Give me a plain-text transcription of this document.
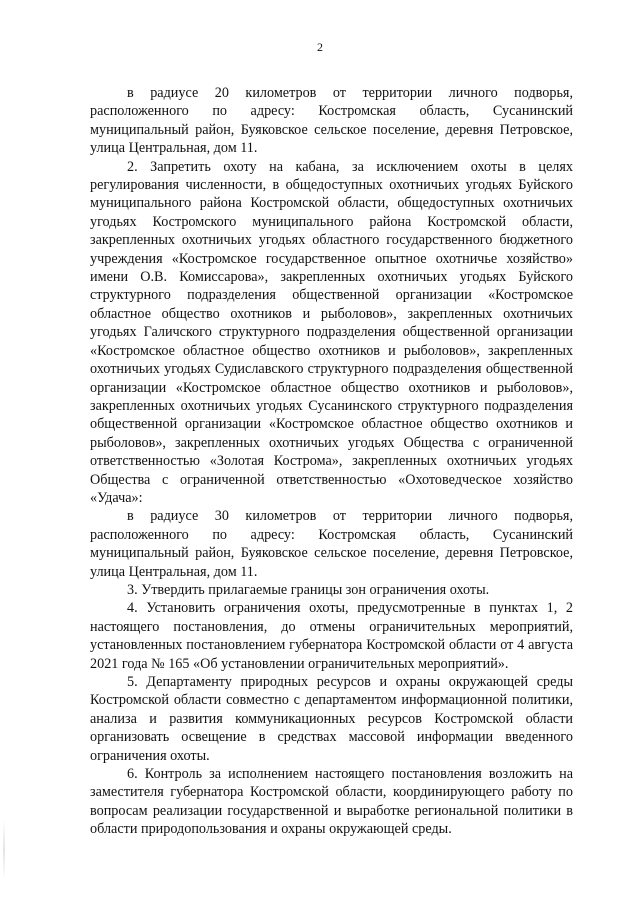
2

в радиусе 20 километров от территории личного подворья, расположенного по адресу: Костромская область, Сусанинский муниципальный район, Буяковское сельское поселение, деревня Петровское, улица Центральная, дом 11.

2. Запретить охоту на кабана, за исключением охоты в целях регулирования численности, в общедоступных охотничьих угодьях Буйского муниципального района Костромской области, общедоступных охотничьих угодьях Костромского муниципального района Костромской области, закрепленных охотничьих угодьях областного государственного бюджетного учреждения «Костромское государственное опытное охотничье хозяйство» имени О.В. Комиссарова», закрепленных охотничьих угодьях Буйского структурного подразделения общественной организации «Костромское областное общество охотников и рыболовов», закрепленных охотничьих угодьях Галичского структурного подразделения общественной организации «Костромское областное общество охотников и рыболовов», закрепленных охотничьих угодьях Судиславского структурного подразделения общественной организации «Костромское областное общество охотников и рыболовов», закрепленных охотничьих угодьях Сусанинского структурного подразделения общественной организации «Костромское областное общество охотников и рыболовов», закрепленных охотничьих угодьях Общества с ограниченной ответственностью «Золотая Кострома», закрепленных охотничьих угодьях Общества с ограниченной ответственностью «Охотоведческое хозяйство «Удача»:

в радиусе 30 километров от территории личного подворья, расположенного по адресу: Костромская область, Сусанинский муниципальный район, Буяковское сельское поселение, деревня Петровское, улица Центральная, дом 11.

3. Утвердить прилагаемые границы зон ограничения охоты.

4. Установить ограничения охоты, предусмотренные в пунктах 1, 2 настоящего постановления, до отмены ограничительных мероприятий, установленных постановлением губернатора Костромской области от 4 августа 2021 года № 165 «Об установлении ограничительных мероприятий».

5. Департаменту природных ресурсов и охраны окружающей среды Костромской области совместно с департаментом информационной политики, анализа и развития коммуникационных ресурсов Костромской области организовать освещение в средствах массовой информации введенного ограничения охоты.

6. Контроль за исполнением настоящего постановления возложить на заместителя губернатора Костромской области, координирующего работу по вопросам реализации государственной и выработке региональной политики в области природопользования и охраны окружающей среды.
